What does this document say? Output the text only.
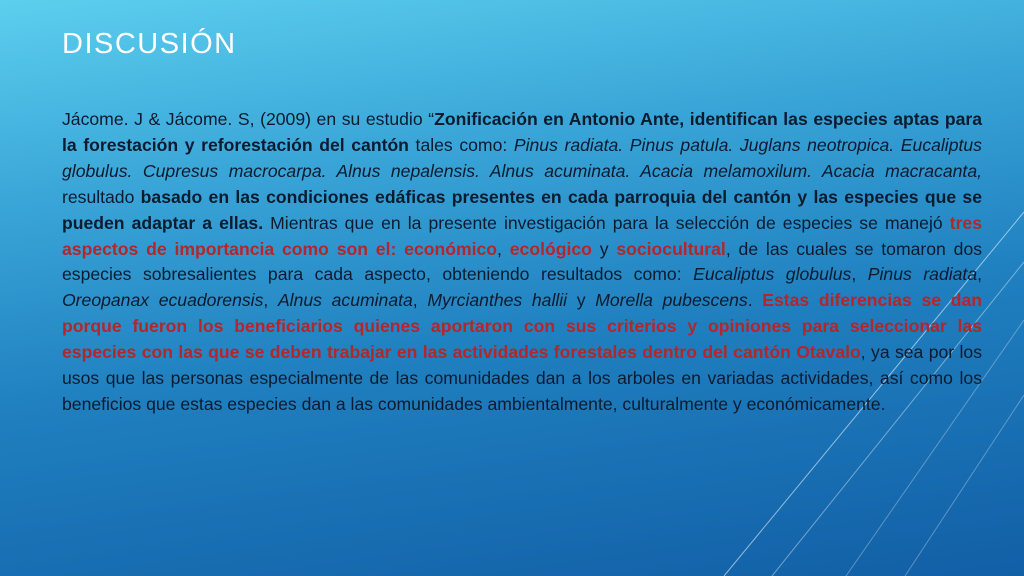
DISCUSIÓN

Jácome. J & Jácome. S, (2009) en su estudio “Zonificación en Antonio Ante, identifican las especies aptas para la forestación y reforestación del cantón tales como: Pinus radiata. Pinus patula. Juglans neotropica. Eucaliptus globulus. Cupresus macrocarpa. Alnus nepalensis. Alnus acuminata. Acacia melamoxilum. Acacia macracanta, resultado basado en las condiciones edáficas presentes en cada parroquia del cantón y las especies que se pueden adaptar a ellas. Mientras que en la presente investigación para la selección de especies se manejó tres aspectos de importancia como son el: económico, ecológico y sociocultural, de las cuales se tomaron dos especies sobresalientes para cada aspecto, obteniendo resultados como: Eucaliptus globulus, Pinus radiata, Oreopanax ecuadorensis, Alnus acuminata, Myrcianthes hallii y Morella pubescens. Estas diferencias se dan porque fueron los beneficiarios quienes aportaron con sus criterios y opiniones para seleccionar las especies con las que se deben trabajar en las actividades forestales dentro del cantón Otavalo, ya sea por los usos que las personas especialmente de las comunidades dan a los arboles en variadas actividades, así como los beneficios que estas especies dan a las comunidades ambientalmente, culturalmente y económicamente.
